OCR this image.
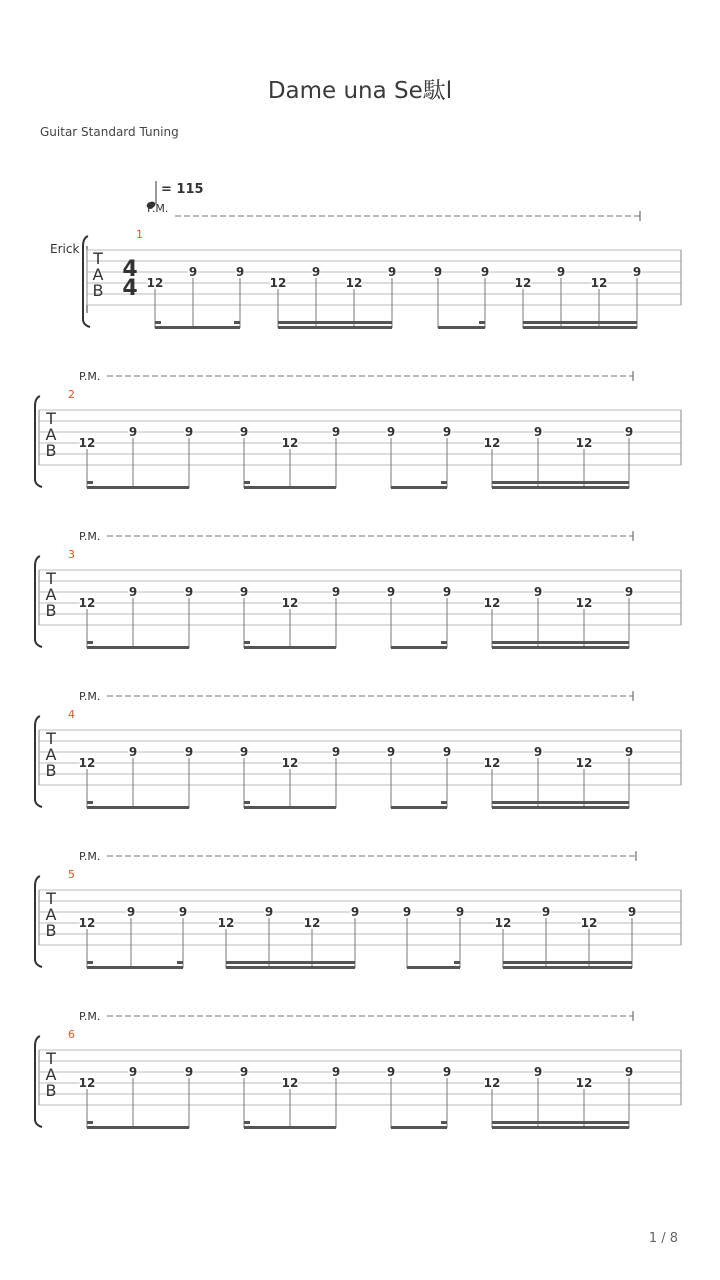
Dame una Se駄l
Guitar Standard Tuning
1 / 8
= 115
Erick
P.M.
1
T
A
B
4
4 12
9	9
12
9
12
9	9	9
12
9
12
9
P.M.
2
T
A
B 12
9	9	9
12
9	9	9
12
9
12
9
P.M.
3
T
A
B 12
9	9	9
12
9	9	9
12
9
12
9
P.M.
4
T
A
B 12
9	9	9
12
9	9	9
12
9
12
9
P.M.
5
T
A
B 12
9	9
12
9
12
9	9	9
12
9
12
9
P.M.
6
T
A
B 12
9	9	9
12
9	9	9
12
9
12
9
